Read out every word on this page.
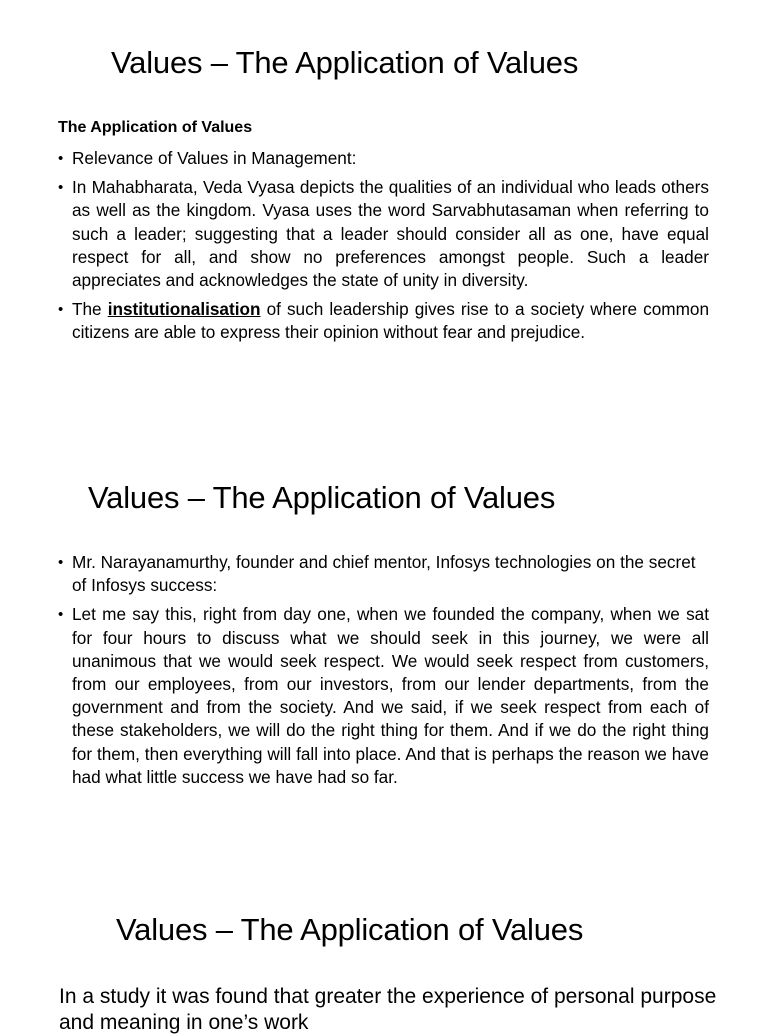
Values – The Application of Values
The Application of Values
• Relevance of Values in Management:
• In Mahabharata, Veda Vyasa depicts the qualities of an individual who leads others as well as the kingdom. Vyasa uses the word Sarvabhutasaman when referring to such a leader; suggesting that a leader should consider all as one, have equal respect for all, and show no preferences amongst people. Such a leader appreciates and acknowledges the state of unity in diversity.
• The institutionalisation of such leadership gives rise to a society where common citizens are able to express their opinion without fear and prejudice.
Values – The Application of Values
• Mr. Narayanamurthy, founder and chief mentor, Infosys technologies on the secret of Infosys success:
• Let me say this, right from day one, when we founded the company, when we sat for four hours to discuss what we should seek in this journey, we were all unanimous that we would seek respect. We would seek respect from customers, from our employees, from our investors, from our lender departments, from the government and from the society. And we said, if we seek respect from each of these stakeholders, we will do the right thing for them. And if we do the right thing for them, then everything will fall into place. And that is perhaps the reason we have had what little success we have had so far.
Values – The Application of Values

In a study it was found that greater the experience of personal purpose and meaning in one’s work
